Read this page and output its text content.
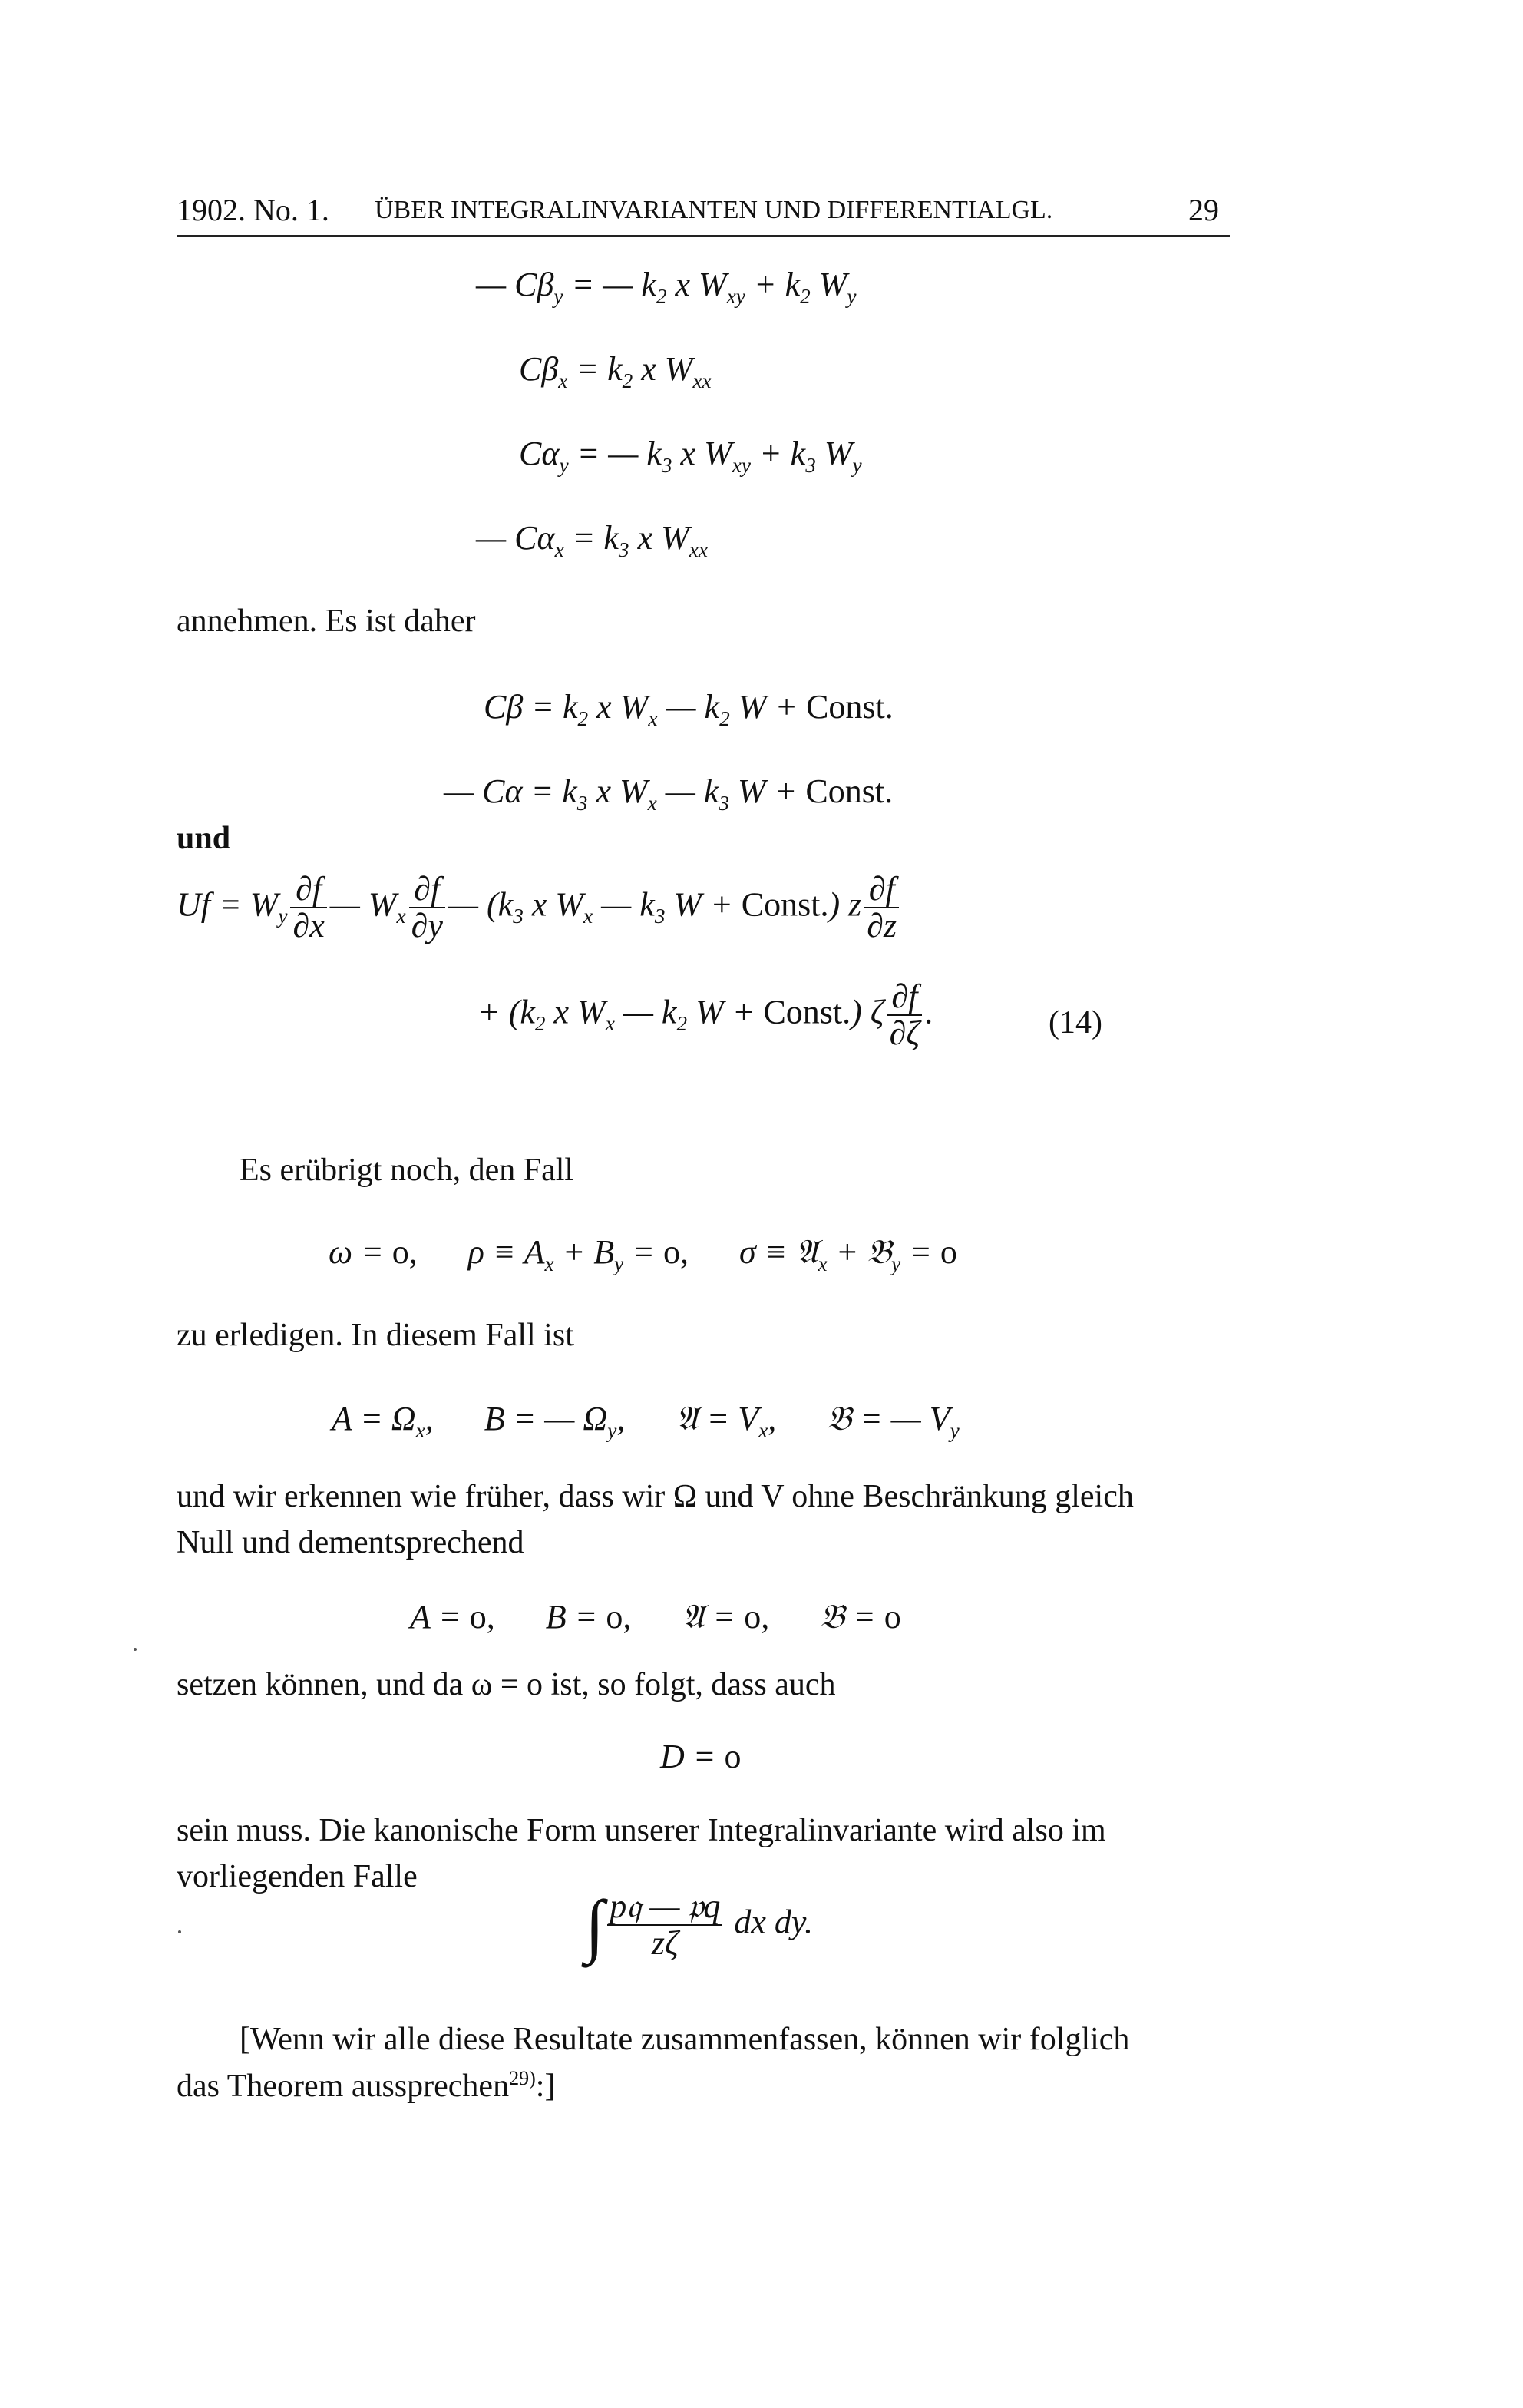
1902. No. 1. ÜBER INTEGRALINVARIANTEN UND DIFFERENTIALGL.	29
— $C\beta_y$ = — $k_2$ x $W_{xy} + k_2$ $W_y$
$C\beta_x = k_2$ x $W_{xx}$
$C\alpha_y$ = — $k_3$ x $W_{xy} + k_3$ $W_y$
— $C\alpha_x = k_3$ x $W_{xx}$
annehmen. Es ist daher
$C\beta = k_2$ x $W_x$ — $k_2$ W + Const.
— $C\alpha = k_3$ x $W_x$ — $k_3$ W + Const.
und
$Uf = W_y \frac{\partial f}{\partial x}$ — $W_x \frac{\partial f}{\partial y}$ — ($k_3$ x $W_x$ — $k_3$ W + Const.) z $\frac{\partial f}{\partial z}$
+ ($k_2$ x $W_x$ — $k_2$ W + Const.) ζ $\frac{\partial f}{\partial\zeta}$ .	(14)
Es erübrigt noch, den Fall
ω = o,      $\rho \equiv A_x + B_y = o$,      σ ≡ 𝔄$_x$ + 𝔅$_y$ = o
zu erledigen. In diesem Fall ist
$A = \Omega_x$,      B = — $\Omega_y$,      𝔄 = $V_x$,      𝔅 = — $V_y$
und wir erkennen wie früher, dass wir Ω und V ohne Beschränkung gleich
Null und dementsprechend
A = o,      B = o,      𝔄 = o,      𝔅 = o
setzen können, und da ω = o ist, so folgt, dass auch
D = o
sein muss. Die kanonische Form unserer Integralinvariante wird also im
vorliegenden Falle
∫ $\frac{\text{p𝔮 — 𝔭q}}{z\zeta}$ dx dy.
[Wenn wir alle diese Resultate zusammenfassen, können wir folglich
das Theorem aussprechen$^{29)}$:]
